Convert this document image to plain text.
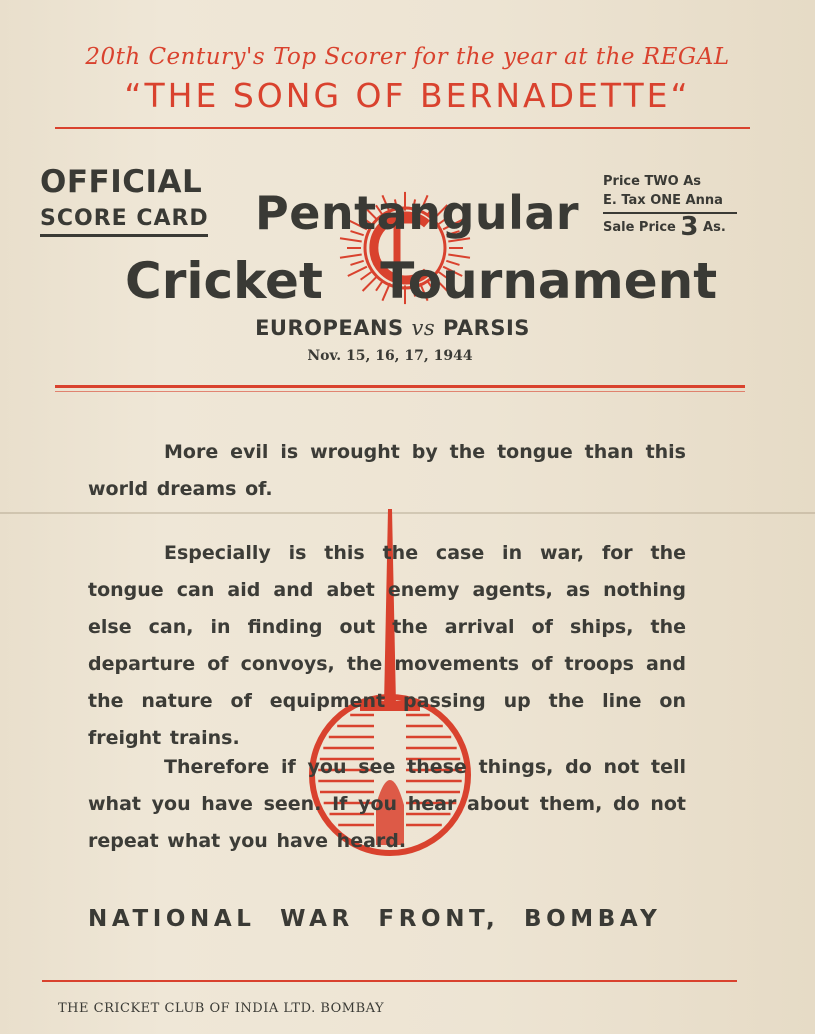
20th Century's Top Scorer for the year at the REGAL
“THE SONG OF BERNADETTE“
OFFICIAL
SCORE CARD
Price TWO As
E. Tax ONE Anna
Sale Price 3 As.
Pentangular
Cricket Tournament
EUROPEANS vs PARSIS
Nov. 15, 16, 17, 1944
More evil is wrought by the tongue than this world dreams of.
Especially is this the case in war, for the tongue can aid and abet enemy agents, as nothing else can, in finding out the arrival of ships, the departure of convoys, the movements of troops and the nature of equipment passing up the line on freight trains.
Therefore if you see these things, do not tell what you have seen. If you hear about them, do not repeat what you have heard.
NATIONAL WAR FRONT, BOMBAY
THE CRICKET CLUB OF INDIA LTD. BOMBAY
